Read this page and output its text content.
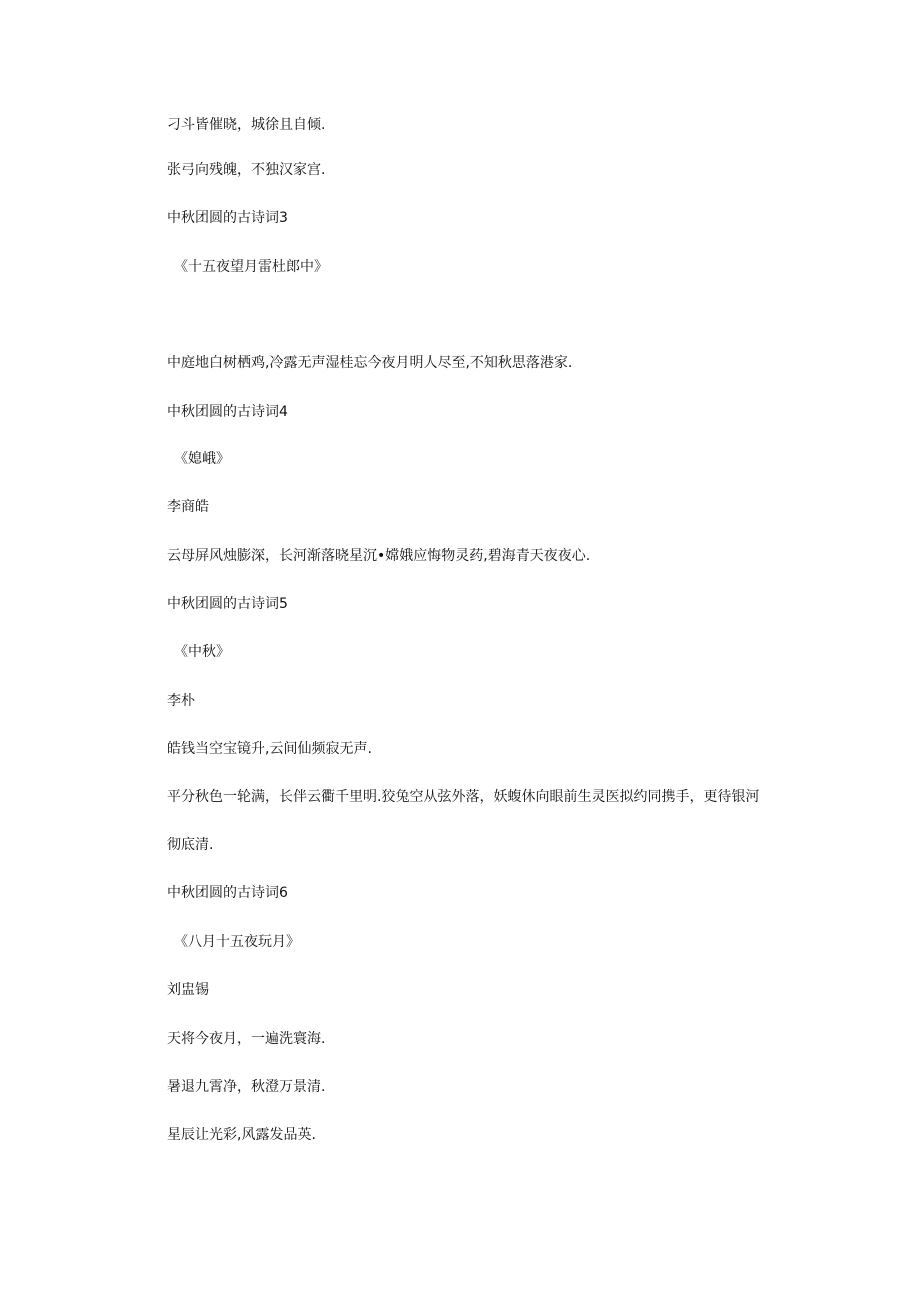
刁斗皆催晓，城徐且自倾.
张弓向残魄，不独汉家宫.
中秋团圆的古诗词3
《十五夜望月雷杜郎中》
中庭地白树栖鸡,冷露无声湿桂忘今夜月明人尽至,不知秋思落港家.
中秋团圆的古诗词4
《媳峨》
李商皓
云母屏风烛膨深，长河渐落晓星沉•嫦娥应悔物灵药,碧海青天夜夜心.
中秋团圆的古诗词5
《中秋》
李朴
皓钱当空宝镜升,云间仙频寂无声.
平分秋色一轮满，长伴云衢千里明.狡兔空从弦外落，妖蝮休向眼前生灵医拟约同携手，更待银河
彻底清.
中秋团圆的古诗词6
《八月十五夜玩月》
刘盅锡
天将今夜月，一遍洗寰海.
暑退九霄净，秋澄万景清.
星辰让光彩,风露发品英.
